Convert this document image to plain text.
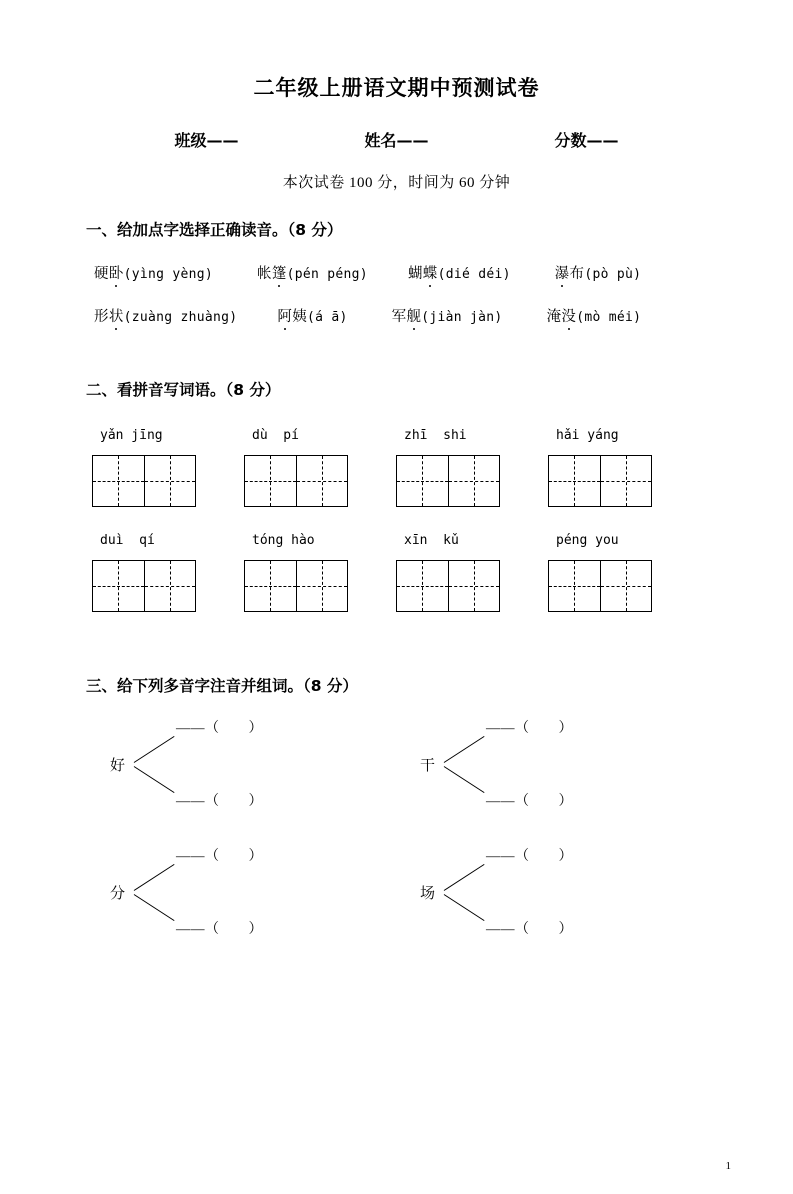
二年级上册语文期中预测试卷
班级——	姓名——	分数——
本次试卷 100 分，时间为 60 分钟
一、给加点字选择正确读音。（8 分）
硬卧(yìng yèng)	帐篷(pén péng)	蝴蝶(dié déi)	瀑布(pò pù)
形状(zuàng zhuàng)	阿姨(á ā)	军舰(jiàn jàn)	淹没(mò méi)
二、看拼音写词语。（8 分）
yǎn jīng	dù  pí	zhī  shi	hǎi yáng
duì  qí	tóng hào	xīn  kǔ	péng you
三、给下列多音字注音并组词。（8 分）
好
——（　　）
——（　　）
干
——（　　）
——（　　）
分
——（　　）
——（　　）
场
——（　　）
——（　　）
1
